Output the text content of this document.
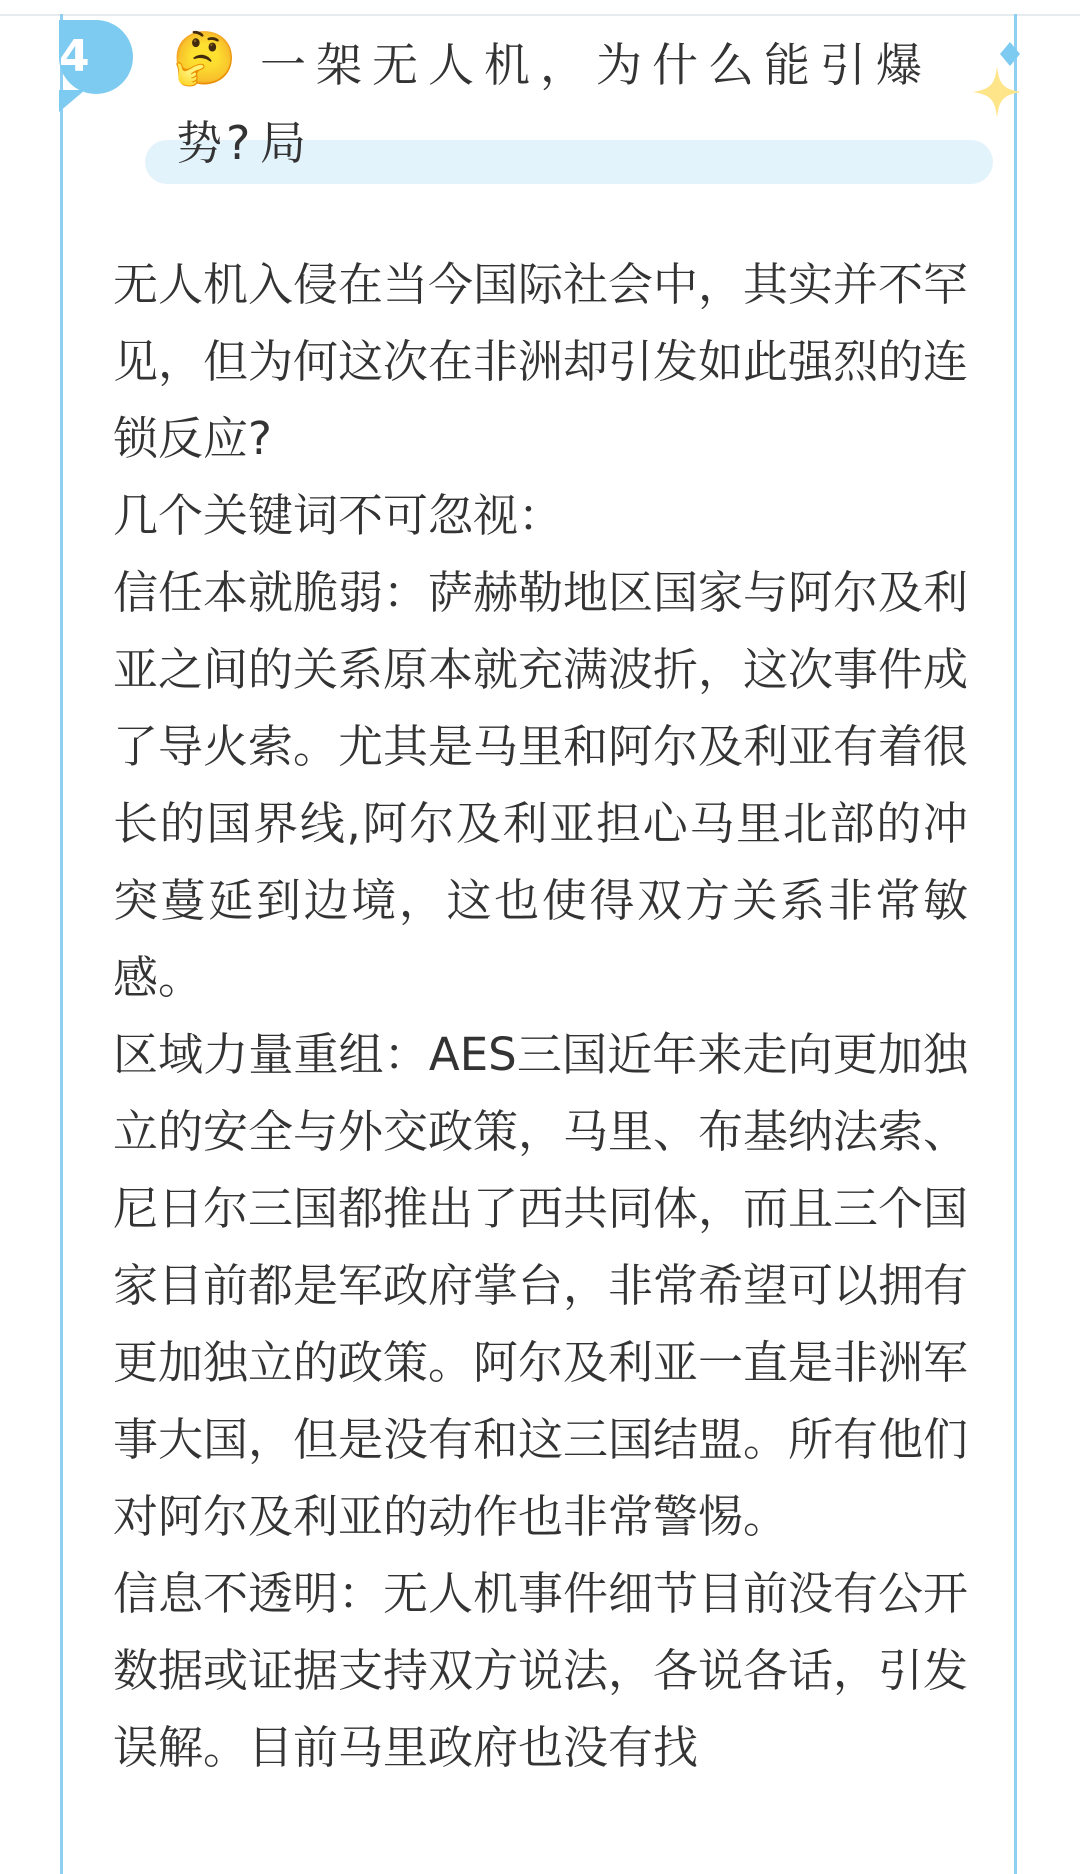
4 🤔 一架无人机，为什么能引爆局
势?

无人机入侵在当今国际社会中，其实并不罕见，但为何这次在非洲却引发如此强烈的连锁反应?

几个关键词不可忽视：

信任本就脆弱：萨赫勒地区国家与阿尔及利亚之间的关系原本就充满波折，这次事件成了导火索。尤其是马里和阿尔及利亚有着很长的国界线,阿尔及利亚担心马里北部的冲突蔓延到边境，这也使得双方关系非常敏感。

区域力量重组：AES三国近年来走向更加独立的安全与外交政策，马里、布基纳法索、尼日尔三国都推出了西共同体，而且三个国家目前都是军政府掌台，非常希望可以拥有更加独立的政策。阿尔及利亚一直是非洲军事大国，但是没有和这三国结盟。所有他们对阿尔及利亚的动作也非常警惕。

信息不透明：无人机事件细节目前没有公开数据或证据支持双方说法，各说各话，引发误解。目前马里政府也没有找
